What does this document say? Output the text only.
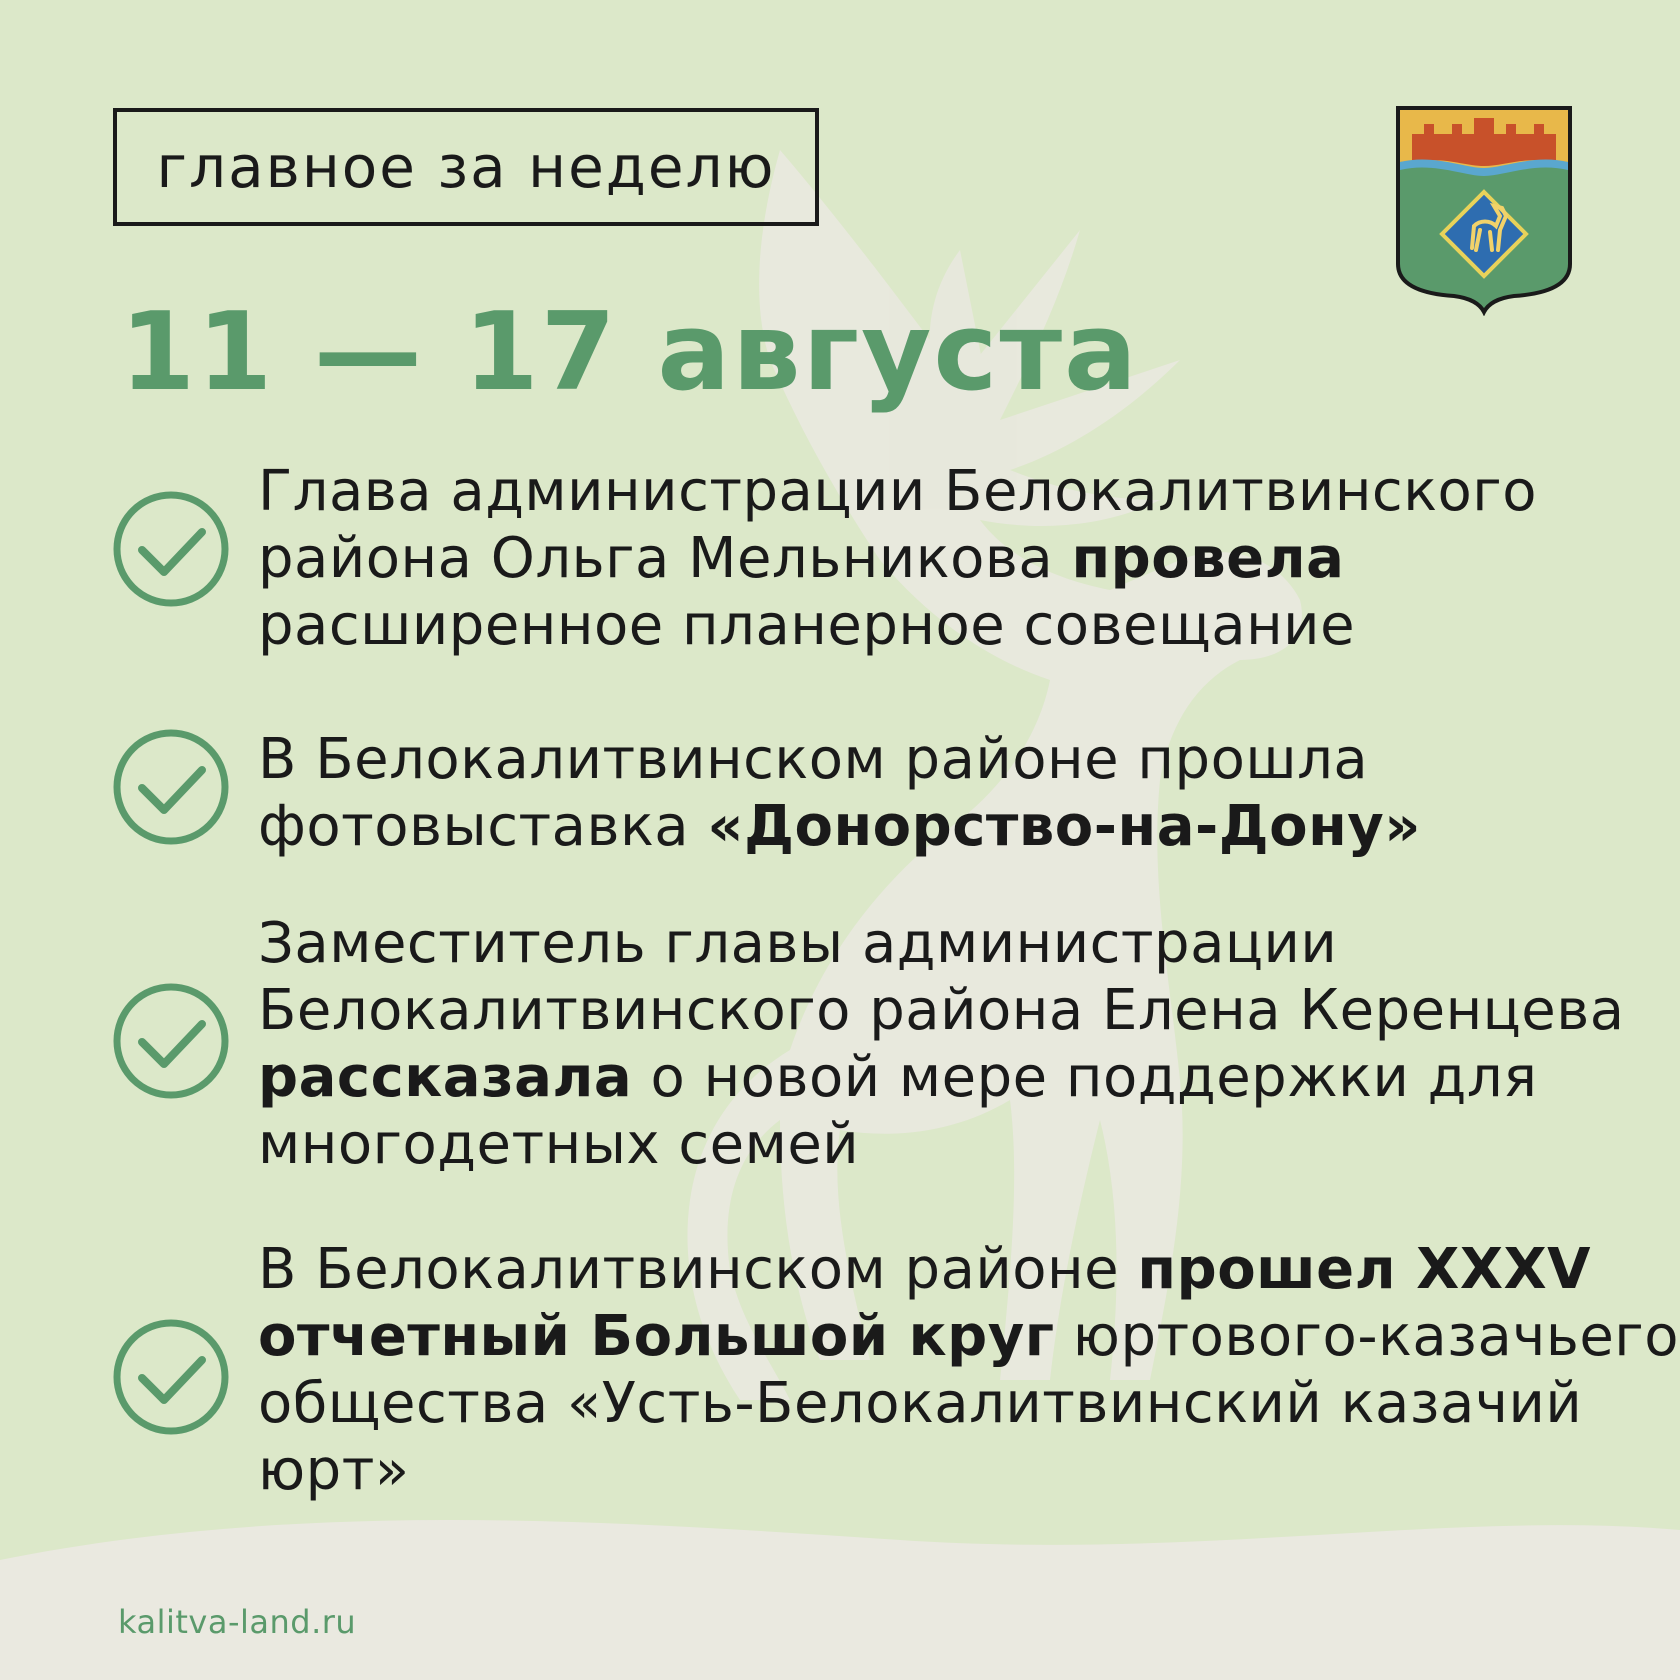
главное за неделю
11 — 17 августа
Глава администрации Белокалитвинского района Ольга Мельникова провела расширенное планерное совещание
В Белокалитвинском районе прошла фотовыставка «Донорство-на-Дону»
Заместитель главы администрации Белокалитвинского района Елена Керенцева рассказала о новой мере поддержки для многодетных семей
В Белокалитвинском районе прошел XXXV отчетный Большой круг юртового-казачьего общества «Усть-Белокалитвинский казачий юрт»
kalitva-land.ru
